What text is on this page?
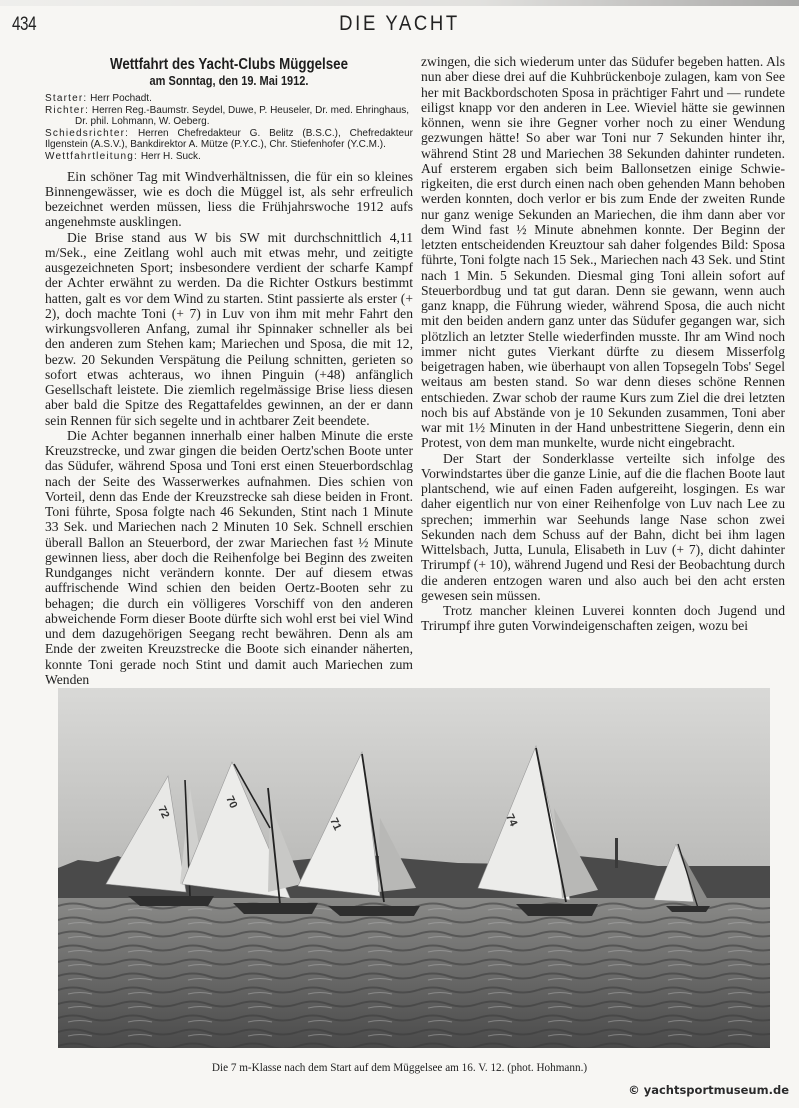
434	DIE YACHT
Wettfahrt des Yacht-Clubs Müggelsee
am Sonntag, den 19. Mai 1912.
Starter: Herr Pochadt.
Richter: Herren Reg.-Baumstr. Seydel, Duwe, P. Heuseler, Dr. med. Ehringhaus,
Dr. phil. Lohmann, W. Oeberg.
Schiedsrichter: Herren Chefredakteur G. Belitz (B.S.C.), Chefredakteur Ilgenstein (A.S.V.), Bankdirektor A. Mütze (P.Y.C.), Chr. Stiefenhofer (Y.C.M.).
Wettfahrtleitung: Herr H. Suck.

Ein schöner Tag mit Windverhältnissen, die für ein so kleines Binnengewässer, wie es doch die Müggel ist, als sehr erfreulich bezeichnet werden müssen, liess die Frühjahrswoche 1912 aufs angenehmste ausklingen.

Die Brise stand aus W bis SW mit durchschnittlich 4,11 m/Sek., eine Zeitlang wohl auch mit etwas mehr, und zeitigte ausgezeichneten Sport; insbesondere verdient der scharfe Kampf der Achter erwähnt zu werden. Da die Richter Ostkurs bestimmt hatten, galt es vor dem Wind zu starten. Stint passierte als erster (+ 2), doch machte Toni (+ 7) in Luv von ihm mit mehr Fahrt den wirkungsvolleren Anfang, zumal ihr Spinnaker schneller als bei den anderen zum Stehen kam; Mariechen und Sposa, die mit 12, bezw. 20 Sekunden Verspätung die Peilung schnitten, gerieten so sofort etwas achteraus, wo ihnen Pinguin (+48) anfänglich Gesellschaft leistete. Die ziemlich regelmässige Brise liess diesen aber bald die Spitze des Regattafeldes gewinnen, an der er dann sein Rennen für sich segelte und in achtbarer Zeit beendete.

Die Achter begannen innerhalb einer halben Minute die erste Kreuzstrecke, und zwar gingen die beiden Oertz'schen Boote unter das Südufer, während Sposa und Toni erst einen Steuerbordschlag nach der Seite des Wasserwerkes aufnahmen. Dies schien von Vorteil, denn das Ende der Kreuzstrecke sah diese beiden in Front. Toni führte, Sposa folgte nach 46 Sekunden, Stint nach 1 Minute 33 Sek. und Mariechen nach 2 Minuten 10 Sek. Schnell erschien überall Ballon an Steuerbord, der zwar Mariechen fast ½ Minute gewinnen liess, aber doch die Reihenfolge bei Beginn des zweiten Rundganges nicht verändern konnte. Der auf diesem etwas auffrischende Wind schien den beiden Oertz-Booten sehr zu behagen; die durch ein völligeres Vorschiff von den anderen abweichende Form dieser Boote dürfte sich wohl erst bei viel Wind und dem dazugehörigen Seegang recht bewähren. Denn als am Ende der zweiten Kreuzstrecke die Boote sich einander näherten, konnte Toni gerade noch Stint und damit auch Mariechen zum Wenden

zwingen, die sich wiederum unter das Südufer begeben hatten. Als nun aber diese drei auf die Kuhbrückenboje zulagen, kam von See her mit Backbordschoten Sposa in prächtiger Fahrt und — rundete eiligst knapp vor den anderen in Lee. Wieviel hätte sie gewinnen können, wenn sie ihre Gegner vorher noch zu einer Wendung gezwungen hätte! So aber war Toni nur 7 Sekunden hinter ihr, während Stint 28 und Mariechen 38 Sekunden dahinter rundeten. Auf ersterem ergaben sich beim Ballonsetzen einige Schwierigkeiten, die erst durch einen nach oben gehenden Mann behoben werden konnten, doch verlor er bis zum Ende der zweiten Runde nur ganz wenige Sekunden an Mariechen, die ihm dann aber vor dem Wind fast ½ Minute abnehmen konnte. Der Beginn der letzten entscheidenden Kreuztour sah daher folgendes Bild: Sposa führte, Toni folgte nach 15 Sek., Mariechen nach 43 Sek. und Stint nach 1 Min. 5 Sekunden. Diesmal ging Toni allein sofort auf Steuerbordbug und tat gut daran. Denn sie gewann, wenn auch ganz knapp, die Führung wieder, während Sposa, die auch nicht mit den beiden andern ganz unter das Südufer gegangen war, sich plötzlich an letzter Stelle wiederfinden musste. Ihr am Wind noch immer nicht gutes Vierkant dürfte zu diesem Misserfolg beigetragen haben, wie überhaupt von allen Topsegeln Tobs' Segel weitaus am besten stand. So war denn dieses schöne Rennen entschieden. Zwar schob der raume Kurs zum Ziel die drei letzten noch bis auf Abstände von je 10 Sekunden zusammen, Toni aber war mit 1½ Minuten in der Hand unbestrittene Siegerin, denn ein Protest, von dem man munkelte, wurde nicht eingebracht.

Der Start der Sonderklasse verteilte sich infolge des Vorwindstartes über die ganze Linie, auf die die flachen Boote laut plantschend, wie auf einen Faden aufgereiht, losgingen. Es war daher eigentlich nur von einer Reihenfolge von Luv nach Lee zu sprechen; immerhin war Seehunds lange Nase schon zwei Sekunden nach dem Schuss auf der Bahn, dicht bei ihm lagen Wittelsbach, Jutta, Lunula, Elisabeth in Luv (+ 7), dicht dahinter Trirumpf (+ 10), während Jugend und Resi der Beobachtung durch die anderen entzogen waren und also auch bei den acht ersten gewesen sein müssen.

Trotz mancher kleinen Luverei konnten doch Jugend und Trirumpf ihre guten Vorwindeigenschaften zeigen, wozu bei

72
70
71	74
Die 7 m-Klasse nach dem Start auf dem Müggelsee am 16. V. 12. (phot. Hohmann.)
© yachtsportmuseum.de
